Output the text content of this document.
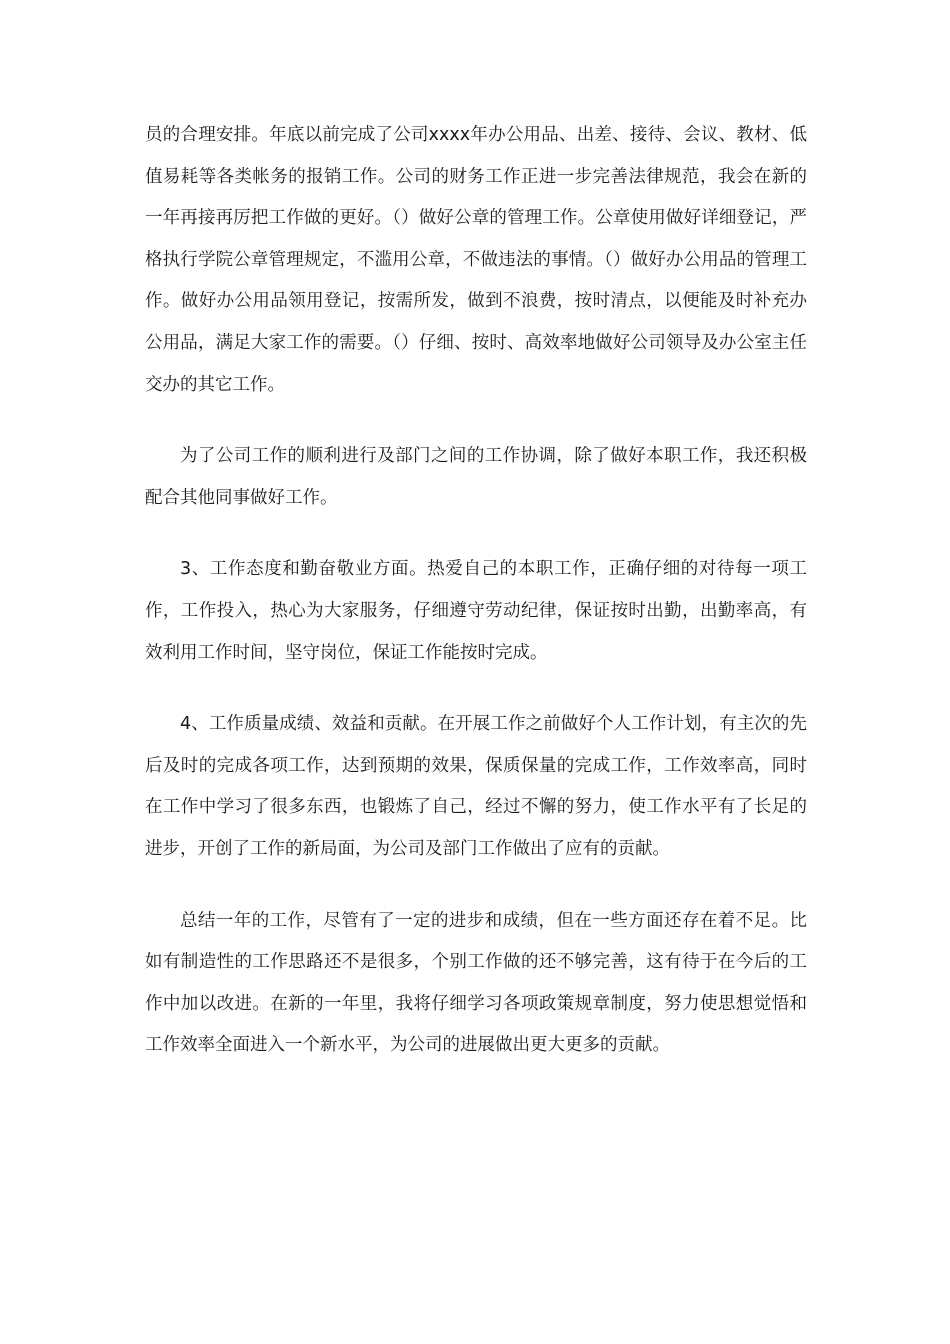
员的合理安排。年底以前完成了公司xxxx年办公用品、出差、接待、会议、教材、低值易耗等各类帐务的报销工作。公司的财务工作正进一步完善法律规范，我会在新的一年再接再厉把工作做的更好。（）做好公章的管理工作。公章使用做好详细登记，严格执行学院公章管理规定，不滥用公章，不做违法的事情。（）做好办公用品的管理工作。做好办公用品领用登记，按需所发，做到不浪费，按时清点，以便能及时补充办公用品，满足大家工作的需要。（）仔细、按时、高效率地做好公司领导及办公室主任交办的其它工作。

为了公司工作的顺利进行及部门之间的工作协调，除了做好本职工作，我还积极配合其他同事做好工作。

3、工作态度和勤奋敬业方面。热爱自己的本职工作，正确仔细的对待每一项工作，工作投入，热心为大家服务，仔细遵守劳动纪律，保证按时出勤，出勤率高，有效利用工作时间，坚守岗位，保证工作能按时完成。

4、工作质量成绩、效益和贡献。在开展工作之前做好个人工作计划，有主次的先后及时的完成各项工作，达到预期的效果，保质保量的完成工作，工作效率高，同时在工作中学习了很多东西，也锻炼了自己，经过不懈的努力，使工作水平有了长足的进步，开创了工作的新局面，为公司及部门工作做出了应有的贡献。

总结一年的工作，尽管有了一定的进步和成绩，但在一些方面还存在着不足。比如有制造性的工作思路还不是很多，个别工作做的还不够完善，这有待于在今后的工作中加以改进。在新的一年里，我将仔细学习各项政策规章制度，努力使思想觉悟和工作效率全面进入一个新水平，为公司的进展做出更大更多的贡献。
